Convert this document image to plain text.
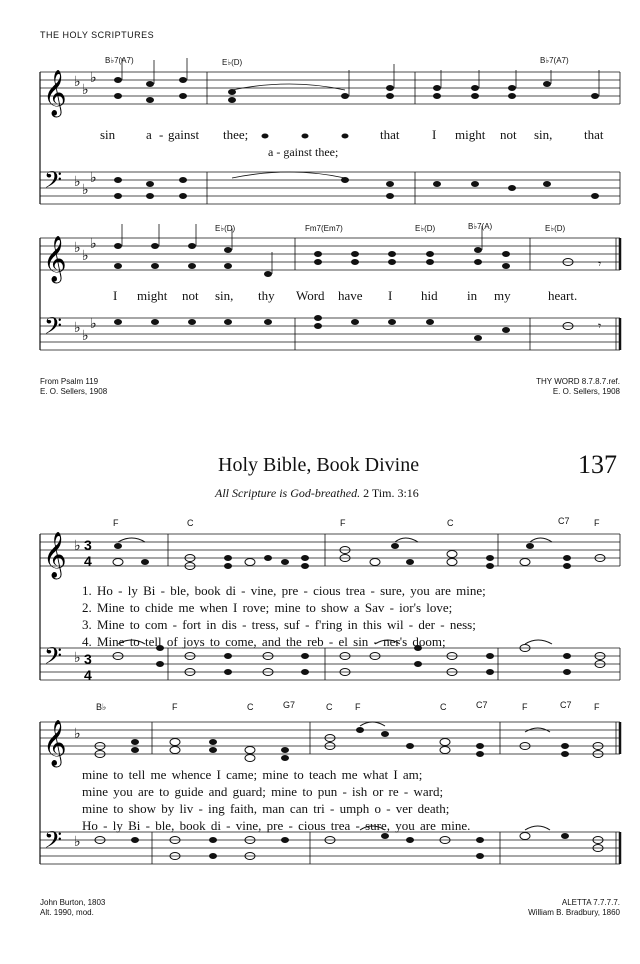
THE HOLY SCRIPTURES
𝄞
𝄢
♭ ♭
♭
♭ ♭
♭
B♭7(A7)	E♭(D)	B♭7(A7)
sin a - gainst thee;	that	I might not sin, that
a - gainst thee;
𝄞
𝄢
♭ ♭
♭
♭ ♭
♭
𝄾
𝄾
E♭(D)	Fm7(Em7)	E♭(D)	B♭7(A)	E♭(D)
I might not sin, thy Word have I hid in my	heart.
From Psalm 119
E. O. Sellers, 1908
THY WORD 8.7.8.7.ref.
E. O. Sellers, 1908
Holy Bible, Book Divine	137
All Scripture is God-breathed. 2 Tim. 3:16
𝄞
𝄢
♭
♭
3
4
3
4
F	C	F	C	C7	F
1. Ho - ly Bi - ble, book di - vine, pre - cious trea - sure, you are mine;
2. Mine to chide me when I rove; mine to show a Sav - ior's love;
3. Mine to com - fort in dis - tress, suf - f'ring in this wil - der - ness;
4. Mine to tell of joys to come, and the reb - el sin - ner's doom;
𝄞
𝄢
♭
♭
B♭	F	C	G7	C	F	C	C7	F	C7 F
mine to tell me whence I came; mine to teach me what I am;
mine you are to guide and guard; mine to pun - ish or re - ward;
mine to show by liv - ing faith, man can tri - umph o - ver death;
Ho - ly Bi - ble, book di - vine, pre - cious trea - sure, you are mine.
John Burton, 1803
Alt. 1990, mod.
ALETTA 7.7.7.7.
William B. Bradbury, 1860
